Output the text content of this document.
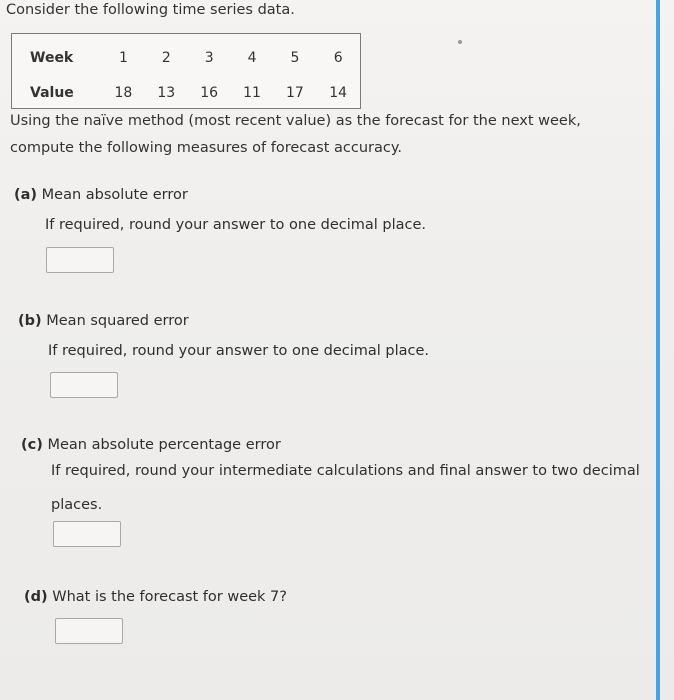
Consider the following time series data.
Week	1	2	3	4	5	6
Value	18	13	16	11	17	14
Using the naïve method (most recent value) as the forecast for the next week,
compute the following measures of forecast accuracy.
(a) Mean absolute error
If required, round your answer to one decimal place.
(b) Mean squared error
If required, round your answer to one decimal place.
(c) Mean absolute percentage error
If required, round your intermediate calculations and final answer to two decimal
places.
(d) What is the forecast for week 7?
